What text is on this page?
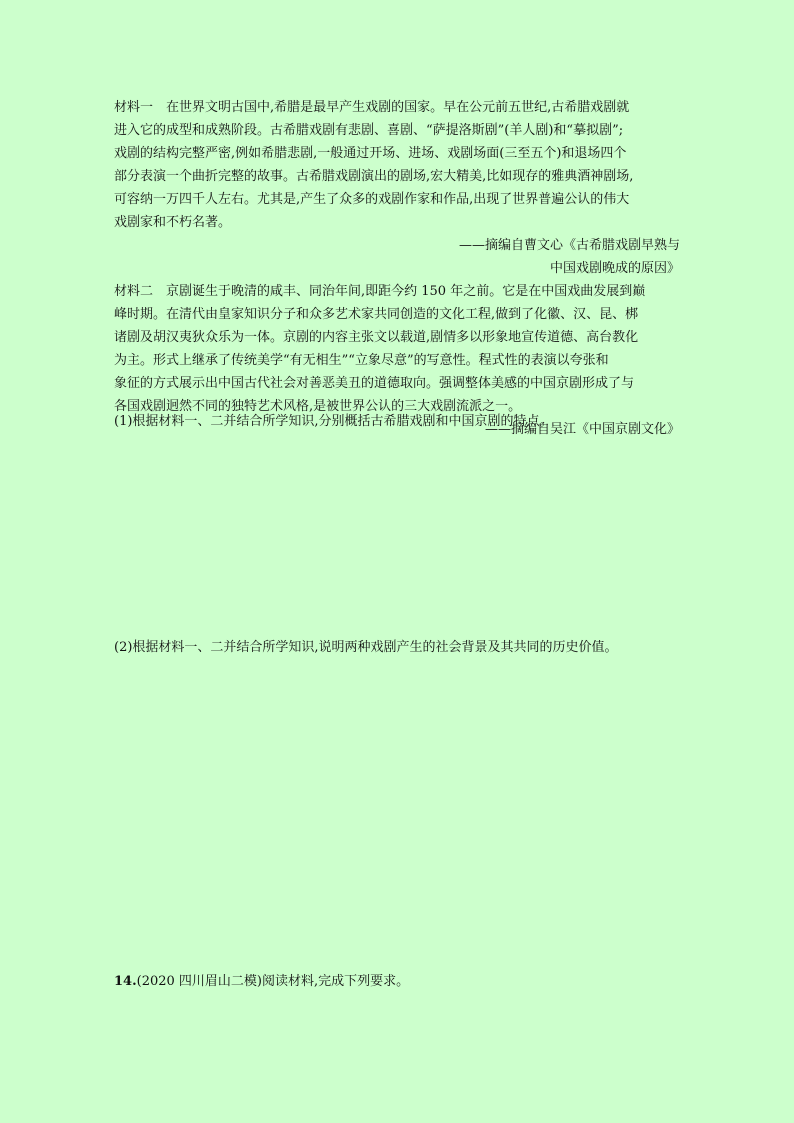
材料一　在世界文明古国中,希腊是最早产生戏剧的国家。早在公元前五世纪,古希腊戏剧就
进入它的成型和成熟阶段。古希腊戏剧有悲剧、喜剧、“萨提洛斯剧”(羊人剧)和“摹拟剧”;
戏剧的结构完整严密,例如希腊悲剧,一般通过开场、进场、戏剧场面(三至五个)和退场四个
部分表演一个曲折完整的故事。古希腊戏剧演出的剧场,宏大精美,比如现存的雅典酒神剧场,
可容纳一万四千人左右。尤其是,产生了众多的戏剧作家和作品,出现了世界普遍公认的伟大
戏剧家和不朽名著。
——摘编自曹文心《古希腊戏剧早熟与
中国戏剧晚成的原因》
材料二　京剧诞生于晚清的咸丰、同治年间,即距今约 150 年之前。它是在中国戏曲发展到巅
峰时期。在清代由皇家知识分子和众多艺术家共同创造的文化工程,做到了化徽、汉、昆、梆
诸剧及胡汉夷狄众乐为一体。京剧的内容主张文以载道,剧情多以形象地宣传道德、高台教化
为主。形式上继承了传统美学“有无相生”“立象尽意”的写意性。程式性的表演以夸张和
象征的方式展示出中国古代社会对善恶美丑的道德取向。强调整体美感的中国京剧形成了与
各国戏剧迥然不同的独特艺术风格,是被世界公认的三大戏剧流派之一。
——摘编自吴江《中国京剧文化》
(1)根据材料一、二并结合所学知识,分别概括古希腊戏剧和中国京剧的特点。
(2)根据材料一、二并结合所学知识,说明两种戏剧产生的社会背景及其共同的历史价值。
14.(2020 四川眉山二模)阅读材料,完成下列要求。
